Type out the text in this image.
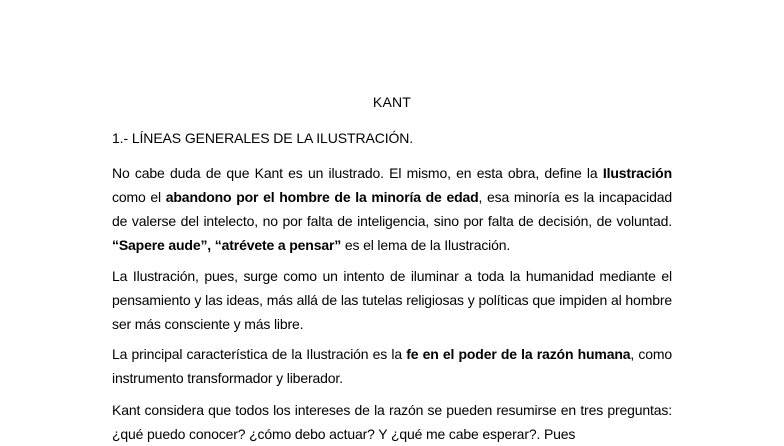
KANT
1.- LÍNEAS GENERALES DE LA ILUSTRACIÓN.

No cabe duda de que Kant es un ilustrado. El mismo, en esta obra, define la Ilustración como el abandono por el hombre de la minoría de edad, esa minoría es la incapacidad de valerse del intelecto, no por falta de inteligencia, sino por falta de decisión, de voluntad. “Sapere aude”, “atrévete a pensar” es el lema de la Ilustración.

La Ilustración, pues, surge como un intento de iluminar a toda la humanidad mediante el pensamiento y las ideas, más allá de las tutelas religiosas y políticas que impiden al hombre ser más consciente y más libre.

La principal característica de la Ilustración es la fe en el poder de la razón humana, como instrumento transformador y liberador.

Kant considera que todos los intereses de la razón se pueden resumirse en tres preguntas: ¿qué puedo conocer? ¿cómo debo actuar? Y ¿qué me cabe esperar?. Pues
